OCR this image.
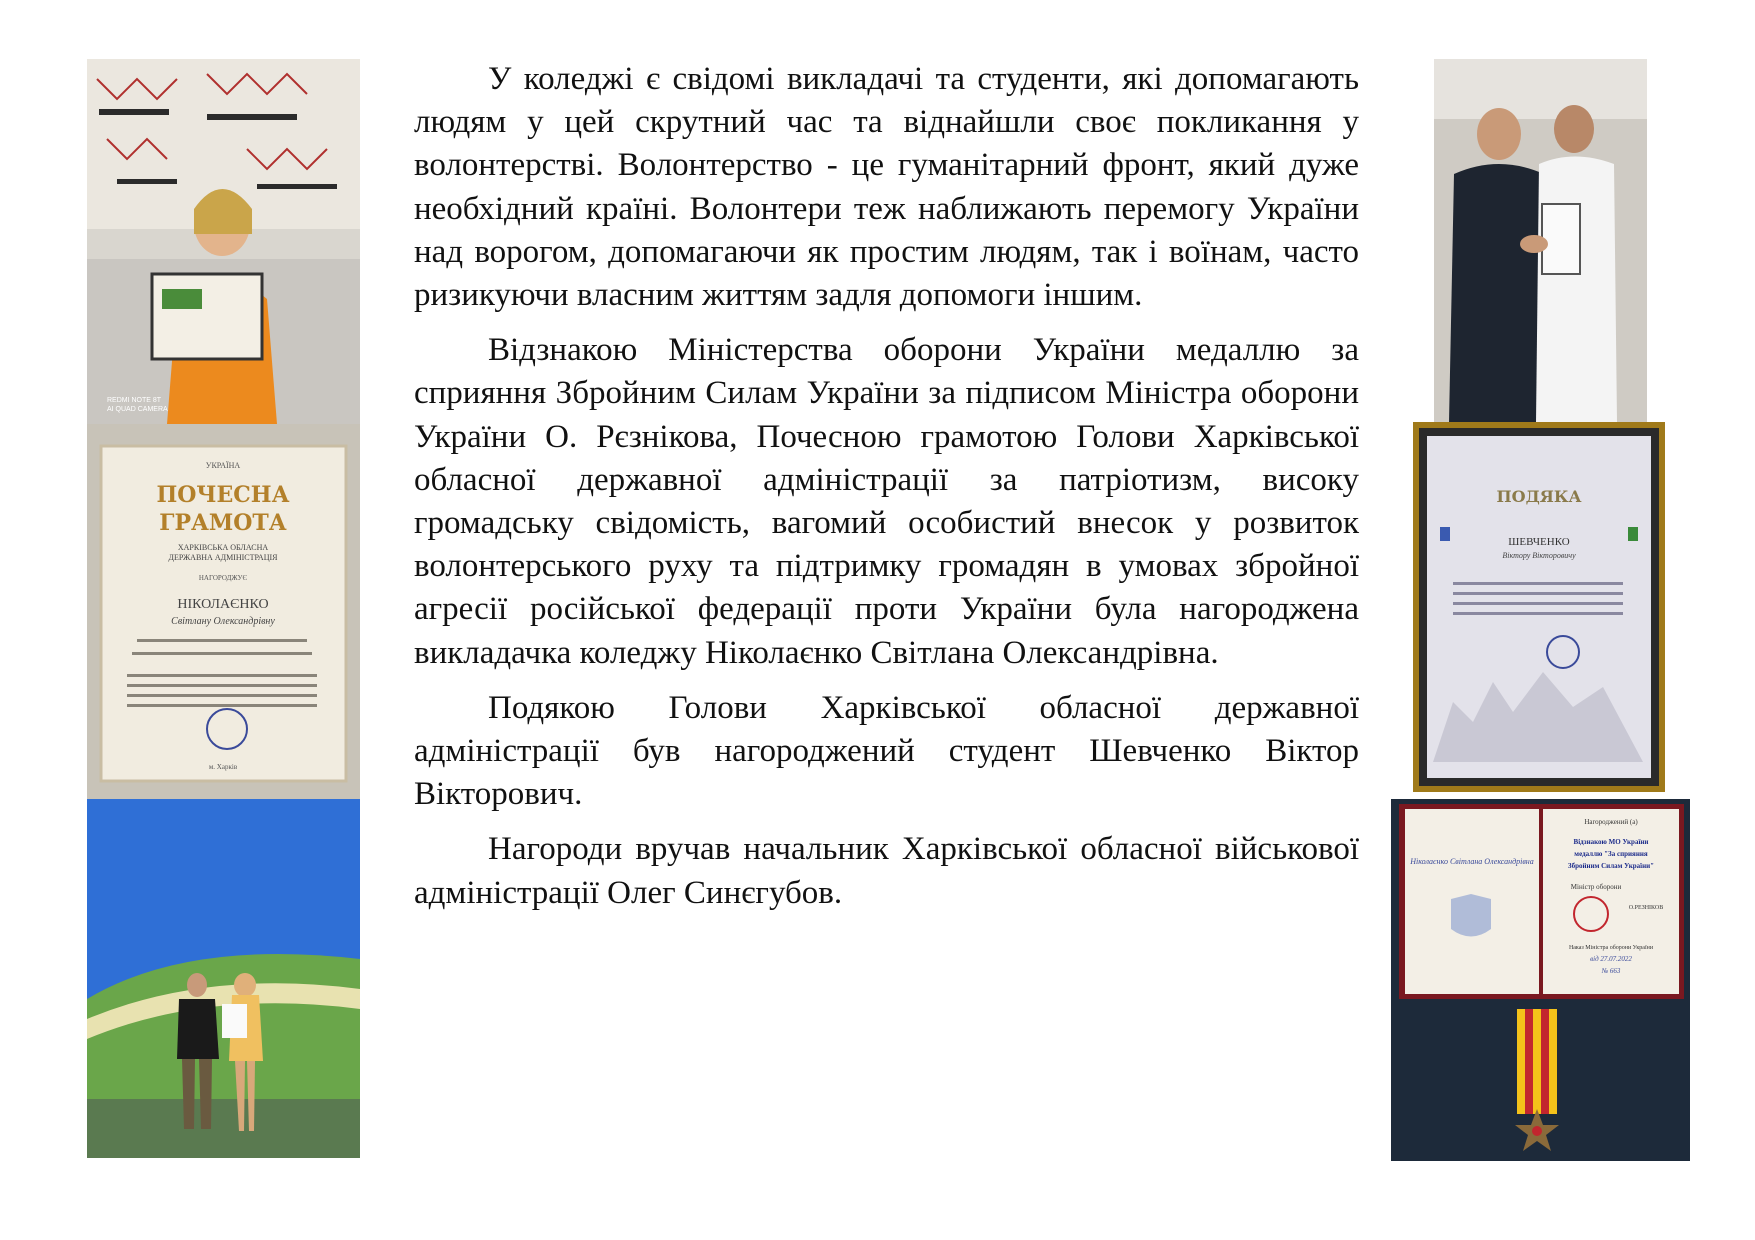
REDMI NOTE 8T
AI QUAD CAMERA
УКРАЇНА
ПОЧЕСНА
ГРАМОТА
ХАРКІВСЬКА ОБЛАСНА
ДЕРЖАВНА АДМІНІСТРАЦІЯ
НАГОРОДЖУЄ
НІКОЛАЄНКО
Світлану Олександрівну
м. Харків

У коледжі є свідомі викладачі та студенти, які допомагають людям у цей скрутний час та віднайшли своє покликання у волонтерстві. Волонтерство - це гуманітарний фронт, який дуже необхідний країні. Волонтери теж наближають перемогу України над ворогом, допомагаючи як простим людям, так і воїнам, часто ризикуючи власним життям задля допомоги іншим.

Відзнакою Міністерства оборони України медаллю за сприяння Збройним Силам України за підписом Міністра оборони України О. Рєзнікова, Почесною грамотою Голови Харківської обласної державної адміністрації за патріотизм, високу громадську свідомість, вагомий особистий внесок у розвиток волонтерського руху та підтримку громадян в умовах збройної агресії російської федерації проти України була нагороджена викладачка коледжу Ніколаєнко Світлана Олександрівна.

Подякою Голови Харківської обласної державної адміністрації був нагороджений студент Шевченко Віктор Вікторович.

Нагороди вручав начальник Харківської обласної військової адміністрації Олег Синєгубов.

ПОДЯКА
ШЕВЧЕНКО
Віктору Вікторовичу
Ніколаєнко Світлана Олександрівна
Нагороджений (а)
Відзнакою МО України
медаллю "За сприяння
Збройним Силам України"
Міністр оборони
О.РЕЗНІКОВ
Наказ Міністра оборони України
від 27.07.2022
№ 663
